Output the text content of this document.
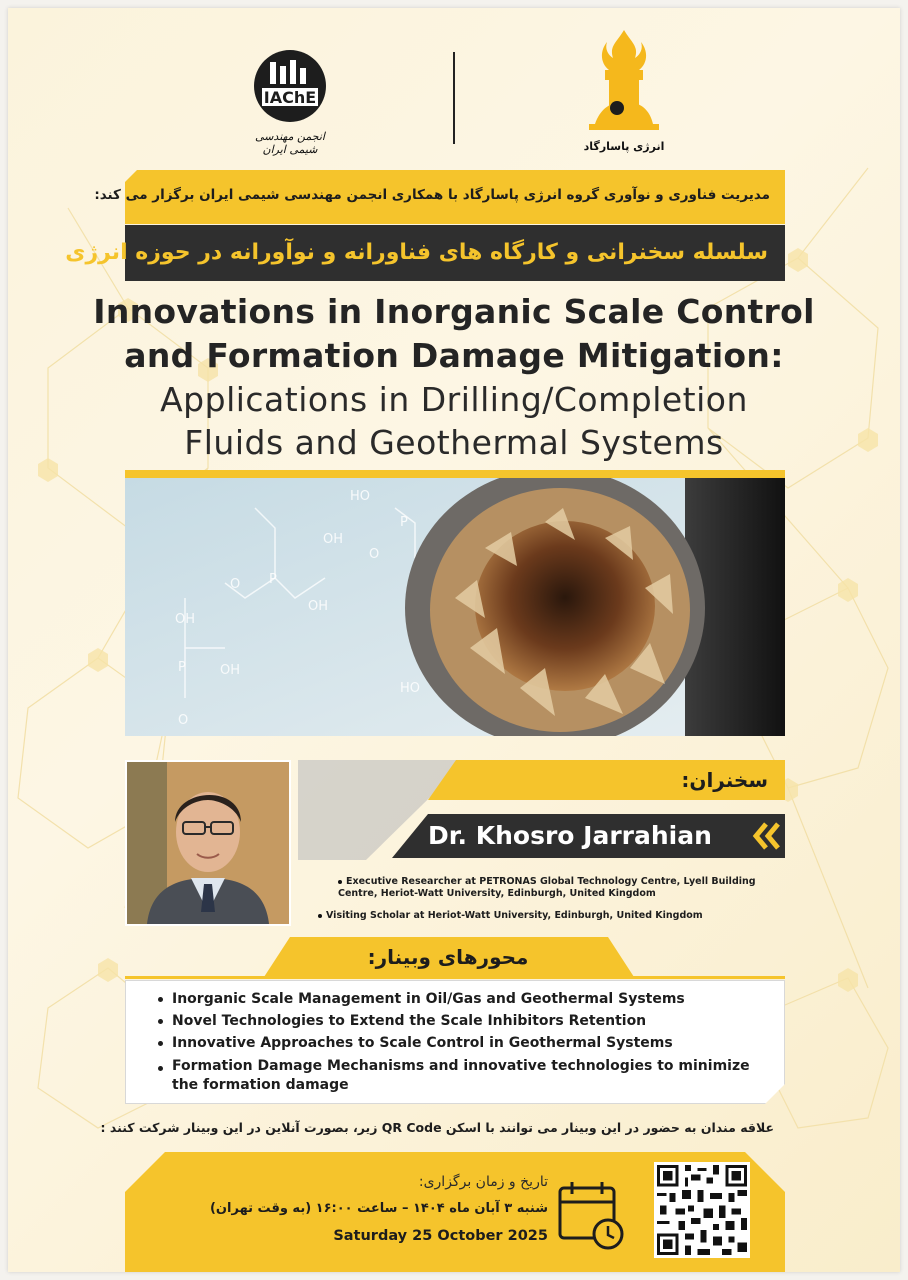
IAChE
انجمن مهندسی شیمی ایران	انرژی پاسارگاد
مدیریت فناوری و نوآوری گروه انرژی پاسارگاد با همکاری انجمن مهندسی شیمی ایران برگزار می کند:
سلسله سخنرانی و کارگاه های فناورانه و نوآورانه در حوزه انرژی
Innovations in Inorganic Scale Control
and Formation Damage Mitigation:
Applications in Drilling/Completion
Fluids and Geothermal Systems
HO
P
OH
P
O
OH
O
OH
P	OH
O
HO
سخنران:
Dr. Khosro Jarrahian
Executive Researcher at PETRONAS Global Technology Centre, Lyell Building Centre, Heriot-Watt University, Edinburgh, United Kingdom
Visiting Scholar at Heriot-Watt University, Edinburgh, United Kingdom
محورهای وبینار:
Inorganic Scale Management in Oil/Gas and Geothermal Systems
Novel Technologies to Extend the Scale Inhibitors Retention
Innovative Approaches to Scale Control in Geothermal Systems
Formation Damage Mechanisms and innovative technologies to minimize the formation damage
علاقه مندان به حضور در این وبینار می توانند با اسکن QR Code زیر، بصورت آنلاین در این وبینار شرکت کنند :
تاریخ و زمان برگزاری:
شنبه ۳ آبان ماه ۱۴۰۴ – ساعت ۱۶:۰۰ (به وقت تهران)
Saturday 25 October 2025
